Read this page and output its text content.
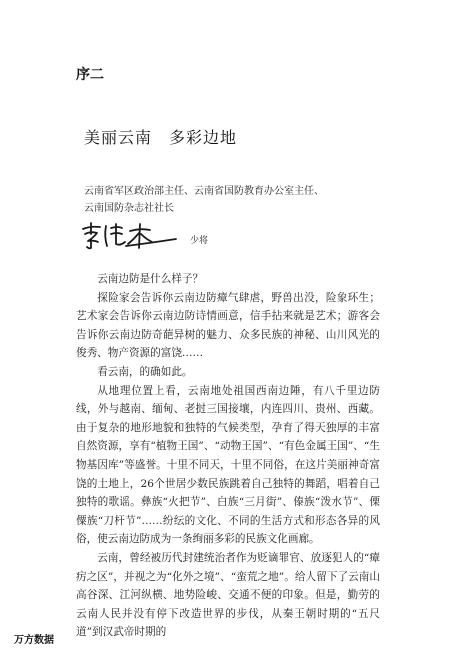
序二
美丽云南　多彩边地
云南省军区政治部主任、云南省国防教育办公室主任、
云南国防杂志社社长
少将

云南边防是什么样子？

探险家会告诉你云南边防瘴气肆虐，野兽出没，险象环生；艺术家会告诉你云南边防诗情画意，信手拈来就是艺术；游客会告诉你云南边防奇葩异树的魅力、众多民族的神秘、山川风光的俊秀、物产资源的富饶……

看云南，的确如此。

从地理位置上看，云南地处祖国西南边陲，有八千里边防线，外与越南、缅甸、老挝三国接壤，内连四川、贵州、西藏。由于复杂的地形地貌和独特的气候类型，孕育了得天独厚的丰富自然资源，享有“植物王国”、“动物王国”、“有色金属王国”、“生物基因库”等盛誉。十里不同天，十里不同俗，在这片美丽神奇富饶的土地上，26个世居少数民族跳着自己独特的舞蹈，唱着自己独特的歌谣。彝族“火把节”、白族“三月街”、傣族“泼水节”、傈僳族“刀杆节”……纷纭的文化、不同的生活方式和形态各异的风俗，使云南边防成为一条绚丽多彩的民族文化画廊。

云南，曾经被历代封建统治者作为贬谪罪官、放逐犯人的“瘴疠之区”，并视之为“化外之境”、“蛮荒之地”。给人留下了云南山高谷深、江河纵横、地势险峻、交通不便的印象。但是，勤劳的云南人民并没有停下改造世界的步伐，从秦王朝时期的“五尺道”到汉武帝时期的

万方数据
